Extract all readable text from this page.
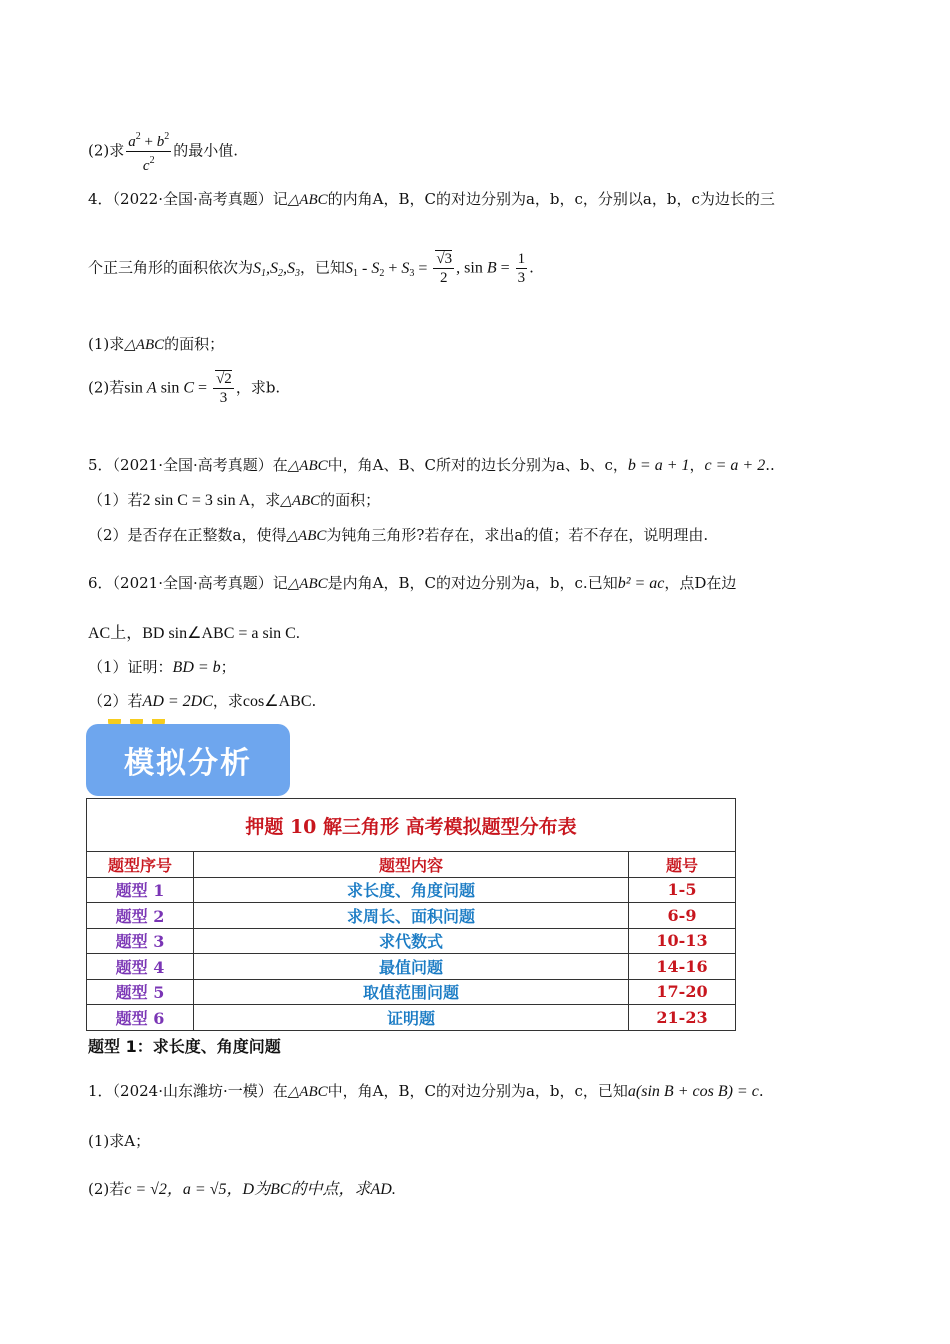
(2)求 $\frac{a^2 + b^2}{c^2}$ 的最小值.
4．（2022·全国·高考真题）记△ABC的内角A，B，C的对边分别为a，b，c，分别以a，b，c为边长的三
个正三角形的面积依次为$S_1,S_2,S_3$，已知$S_1 - S_2 + S_3 = \frac{√3}{2}$ , $\sin B = \frac{1}{3}$ .
(1)求△ABC的面积；
(2)若sin A $\sin C = \frac{√2}{3}$ ，求b.
5．（2021·全国·高考真题）在△ABC中，角A、B、C所对的边长分别为a、b、c，b = a + 1，c = a + 2..
（1）若2 sin C = 3 sin A，求△ABC的面积；
（2）是否存在正整数a，使得△ABC为钝角三角形?若存在，求出a的值；若不存在，说明理由.
6．（2021·全国·高考真题）记△ABC是内角A，B，C的对边分别为a，b，c.已知b² = ac，点D在边
AC上，BD sin∠ABC = a sin C.
（1）证明：BD = b；
（2）若AD = 2DC，求cos∠ABC.
模拟分析
押题 10 解三角形 高考模拟题型分布表		
题型序号	题型内容	题号
题型 1	求长度、角度问题	1-5
题型 2	求周长、面积问题	6-9
题型 3	求代数式	10-13
题型 4	最值问题	14-16
题型 5	取值范围问题	17-20
题型 6	证明题	21-23
题型 1：求长度、角度问题
1．（2024·山东潍坊·一模）在△ABC中，角A，B，C的对边分别为a，b，c，已知a(sin B + cos B) = c.
(1)求A；
(2)若c = √2，a = √5，D为BC的中点，求AD.
